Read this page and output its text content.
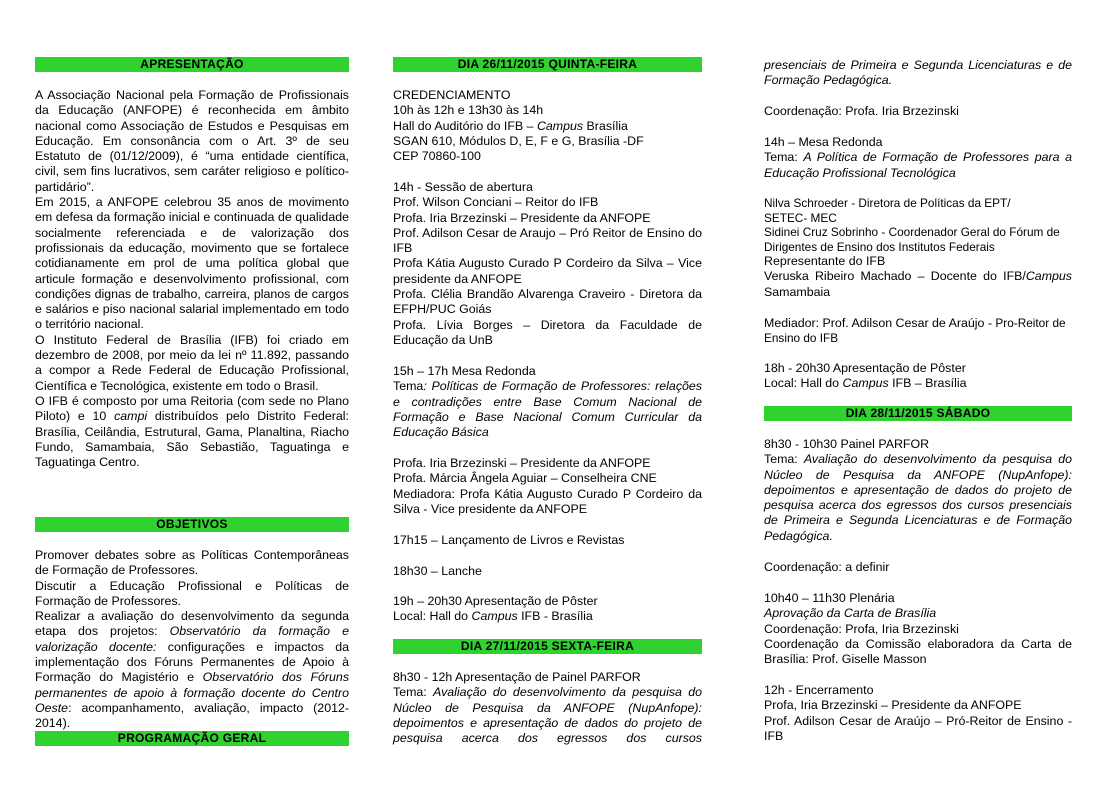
APRESENTAÇÃO

A Associação Nacional pela Formação de Profissionais da Educação (ANFOPE) é reconhecida em âmbito nacional como Associação de Estudos e Pesquisas em Educação. Em consonância com o Art. 3º de seu Estatuto de (01/12/2009), é “uma entidade científica, civil, sem fins lucrativos, sem caráter religioso e político-partidário”.

Em 2015, a ANFOPE celebrou 35 anos de movimento em defesa da formação inicial e continuada de qualidade socialmente referenciada e de valorização dos profissionais da educação, movimento que se fortalece cotidianamente em prol de uma política global que articule formação e desenvolvimento profissional, com condições dignas de trabalho, carreira, planos de cargos e salários e piso nacional salarial implementado em todo o território nacional.

O Instituto Federal de Brasília (IFB) foi criado em dezembro de 2008, por meio da lei nº 11.892, passando a compor a Rede Federal de Educação Profissional, Científica e Tecnológica, existente em todo o Brasil.

O IFB é composto por uma Reitoria (com sede no Plano Piloto) e 10 campi distribuídos pelo Distrito Federal: Brasília, Ceilândia, Estrutural, Gama, Planaltina, Riacho Fundo, Samambaia, São Sebastião, Taguatinga e Taguatinga Centro.

OBJETIVOS

Promover debates sobre as Políticas Contemporâneas de Formação de Professores.

Discutir a Educação Profissional e Políticas de Formação de Professores.

Realizar a avaliação do desenvolvimento da segunda etapa dos projetos: Observatório da formação e valorização docente: configurações e impactos da implementação dos Fóruns Permanentes de Apoio à Formação do Magistério e Observatório dos Fóruns permanentes de apoio à formação docente do Centro Oeste: acompanhamento, avaliação, impacto (2012-2014).

PROGRAMAÇÃO GERAL
DIA 26/11/2015 QUINTA-FEIRA

CREDENCIAMENTO

10h às 12h e 13h30 às 14h

Hall do Auditório do IFB – Campus Brasília

SGAN 610, Módulos D, E, F e G, Brasília -DF

CEP 70860-100

14h - Sessão de abertura

Prof. Wilson Conciani – Reitor do IFB

Profa. Iria Brzezinski – Presidente da ANFOPE

Prof. Adilson Cesar de Araujo – Pró Reitor de Ensino do IFB

Profa Kátia Augusto Curado P Cordeiro da Silva – Vice presidente da ANFOPE

Profa. Clélia Brandão Alvarenga Craveiro - Diretora da EFPH/PUC Goiás

Profa. Lívia Borges – Diretora da Faculdade de Educação da UnB

15h – 17h Mesa Redonda

Tema: Políticas de Formação de Professores: relações e contradições entre Base Comum Nacional de Formação e Base Nacional Comum Curricular da Educação Básica

Profa. Iria Brzezinski – Presidente da ANFOPE

Profa. Márcia Ângela Aguiar – Conselheira CNE

Mediadora: Profa Kátia Augusto Curado P Cordeiro da Silva - Vice presidente da ANFOPE

17h15 – Lançamento de Livros e Revistas
18h30 – Lanche

19h – 20h30 Apresentação de Pôster

Local: Hall do Campus IFB - Brasília

DIA 27/11/2015 SEXTA-FEIRA

8h30 - 12h Apresentação de Painel PARFOR

Tema: Avaliação do desenvolvimento da pesquisa do Núcleo de Pesquisa da ANFOPE (NupAnfope): depoimentos e apresentação de dados do projeto de pesquisa acerca dos egressos dos cursos

presenciais de Primeira e Segunda Licenciaturas e de Formação Pedagógica.

Coordenação: Profa. Iria Brzezinski

14h – Mesa Redonda

Tema: A Política de Formação de Professores para a Educação Profissional Tecnológica

Nilva Schroeder - Diretora de Políticas da EPT/ SETEC- MEC

Sidinei Cruz Sobrinho - Coordenador Geral do Fórum de Dirigentes de Ensino dos Institutos Federais

Representante do IFB

Veruska Ribeiro Machado – Docente do IFB/Campus Samambaia

Mediador: Prof. Adilson Cesar de Araújo - Pro-Reitor de Ensino do IFB

18h - 20h30 Apresentação de Pôster

Local: Hall do Campus IFB – Brasília

DIA 28/11/2015 SÁBADO

8h30 - 10h30 Painel PARFOR

Tema: Avaliação do desenvolvimento da pesquisa do Núcleo de Pesquisa da ANFOPE (NupAnfope): depoimentos e apresentação de dados do projeto de pesquisa acerca dos egressos dos cursos presenciais de Primeira e Segunda Licenciaturas e de Formação Pedagógica.

Coordenação: a definir

10h40 – 11h30 Plenária

Aprovação da Carta de Brasília

Coordenação: Profa, Iria Brzezinski

Coordenação da Comissão elaboradora da Carta de Brasília: Prof. Giselle Masson

12h - Encerramento

Profa, Iria Brzezinski – Presidente da ANFOPE

Prof. Adilson Cesar de Araújo – Pró-Reitor de Ensino - IFB
